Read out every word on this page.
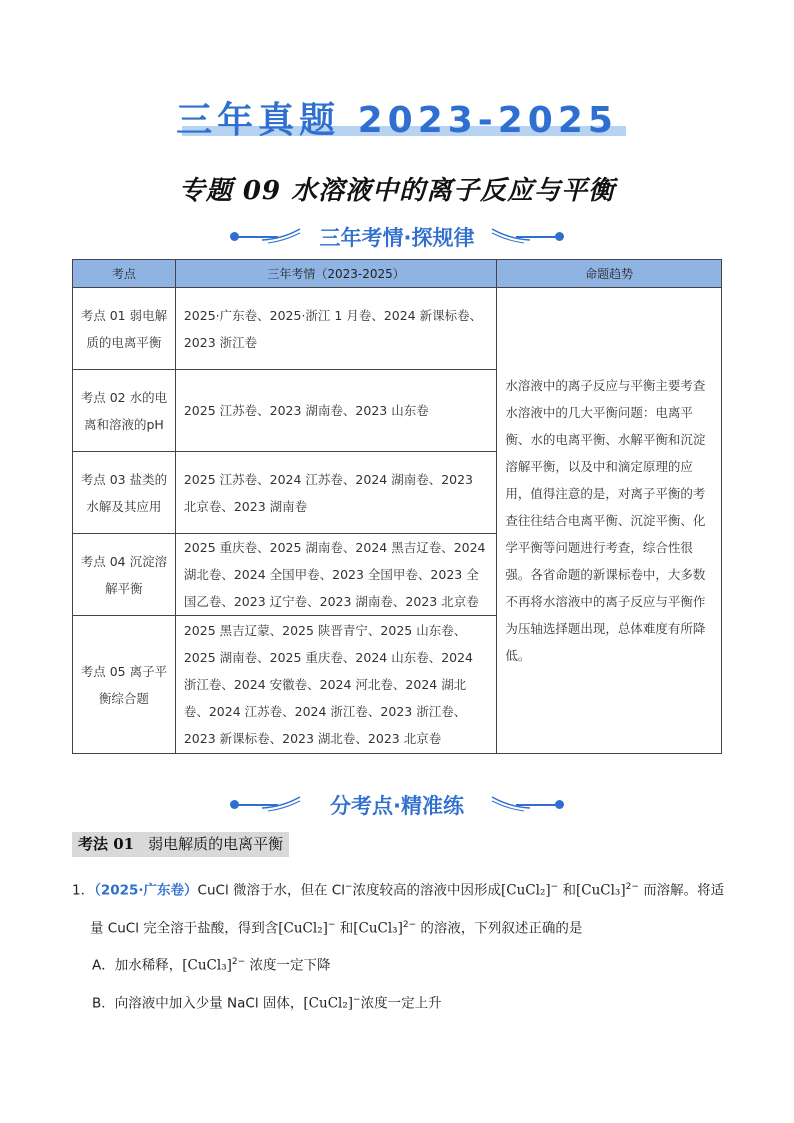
三年真题 2023-2025
专题 09 水溶液中的离子反应与平衡
三年考情·探规律
考点	三年考情（2023-2025）	命题趋势
考点 01 弱电解质的电离平衡	2025·广东卷、2025·浙江 1 月卷、2024 新课标卷、2023 浙江卷	水溶液中的离子反应与平衡主要考查水溶液中的几大平衡问题：电离平衡、水的电离平衡、水解平衡和沉淀溶解平衡，以及中和滴定原理的应用，值得注意的是，对离子平衡的考查往往结合电离平衡、沉淀平衡、化学平衡等问题进行考查，综合性很强。各省命题的新课标卷中，大多数不再将水溶液中的离子反应与平衡作为压轴选择题出现，总体难度有所降低。
考点 02 水的电离和溶液的pH	2025 江苏卷、2023 湖南卷、2023 山东卷	
考点 03 盐类的水解及其应用	2025 江苏卷、2024 江苏卷、2024 湖南卷、2023 北京卷、2023 湖南卷	
考点 04 沉淀溶解平衡	2025 重庆卷、2025 湖南卷、2024 黑吉辽卷、2024 湖北卷、2024 全国甲卷、2023 全国甲卷、2023 全国乙卷、2023 辽宁卷、2023 湖南卷、2023 北京卷	
考点 05 离子平衡综合题	2025 黑吉辽蒙、2025 陕晋青宁、2025 山东卷、2025 湖南卷、2025 重庆卷、2024 山东卷、2024 浙江卷、2024 安徽卷、2024 河北卷、2024 湖北卷、2024 江苏卷、2024 浙江卷、2023 浙江卷、2023 新课标卷、2023 湖北卷、2023 北京卷	
分考点·精准练
考法 01 弱电解质的电离平衡
1．（2025·广东卷）CuCl 微溶于水，但在 Cl−浓度较高的溶液中因形成[CuCl₂]− 和[CuCl₃]$^{2-}$ 而溶解。将适
量 CuCl 完全溶于盐酸，得到含[CuCl₂]− 和[CuCl₃]$^{2-}$ 的溶液，下列叙述正确的是
A．加水稀释，[CuCl₃]$^{2-}$ 浓度一定下降
B．向溶液中加入少量 NaCl 固体，[CuCl₂]−浓度一定上升
